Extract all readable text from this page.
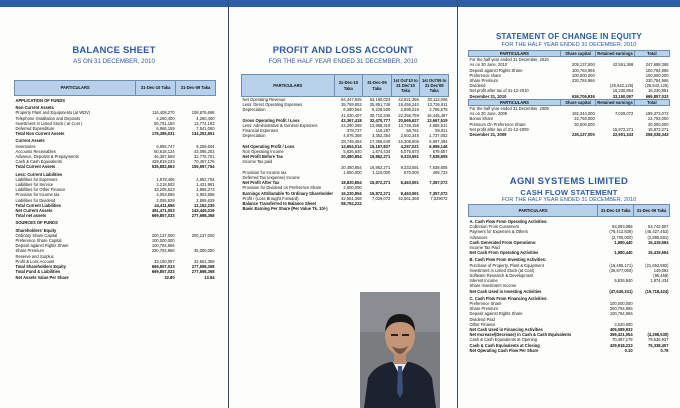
BALANCE SHEET
AS ON 31 DECEMBER, 2010
PARTICULARS	31-Dec-10 Taka	31-Dec-09 Taka
APPLICATION OF FUNDS		
Non Current Assets		
Property Plant and Equipments (at WDV)	116,408,270	108,676,698
Telephone Installation and Deposits	4,260,400	4,260,400
Investment in Listed Stock ( at Cost )	50,751,150	13,774,193
Deferred Expenditure	6,966,159	7,541,060
Total Non Current Assets	178,386,031	134,252,851
Current Assets		
Inventories	6,956,747	9,259,604
Accounts Receivables	50,618,124	43,095,202
Advance, Deposits & Prepayments	46,387,569	32,776,751
Cash & Cash Equivalents	429,819,223	70,457,176
Total Current Assets	535,882,663	155,597,754
Less: Current Liabilities		
Liabilities for Expenses	1,878,406	2,852,754
Liabilities for Service	3,218,502	1,421,981
Liabilities for Other Finance	33,205,523	2,888,273
Provision for Income tax	4,053,596	2,903,598
Liabilities for Dividend	2,055,629	2,855,629
Total Current Liabilities	44,411,656	12,152,235
Net Current Assets	491,471,003	143,445,019
Total net assets	669,857,033	277,698,368
SOURCES OF FUNDS		
Shareholders' Equity		
Ordinary Share Capital	200,137,000	200,137,000
Preference Share Capital	100,000,000	
Deposit against Rights Share	100,784,966	
Share Premium	230,784,966	35,000,000
Reserve and Surplus		
Profit & Loss Account	33,150,097	42,561,368
Total Shareholders Equity	669,857,033	277,698,368
Total Fund & Liabilities	669,857,033	277,698,368
Net Assets Value Per Share	32.80	13.84
PROFIT AND LOSS ACCOUNT
FOR THE HALF YEAR ENDED 31 DECEMBER, 2010
PARTICULARS	31-Dec-10 Taka	31-Dec-09 Taka	1st Oct'10 to 31 Dec'10 Taka	1st Oct'09 to 31 Dec'09 Taka
Net Operating Revenue	84,447,825	63,180,023	42,921,386	30,113,006
Less: Direct Operating Expenses	35,769,853	25,851,748	18,456,240	13,736,911
Depreciation	6,380,564	5,228,500	2,895,019	2,706,578
	41,030,407	30,710,346	22,356,759	16,445,487
Gross Operating Profit / Loss	43,367,418	32,470,777	20,565,627	13,667,519
Less: Administrative & General Expenses	24,290,368	13,868,319	13,749,158	4,885,541
Financial Expenses	378,727	116,287	58,761	59,811
Depreciation	4,076,368	3,352,354	2,502,345	1,737,052
	28,745,464	17,366,640	16,308,606	6,697,484
Net Operating Profit / Loss	14,654,014	15,157,837	4,257,021	6,959,146
Non Operating Income	5,826,840	1,874,434	5,076,870	678,657
Net Profit Before Tax	20,480,854	16,862,271	9,333,591	7,638,805
Income Tax paid				
	20,480,854	16,862,271	9,333,591	7,638,805
Provision for Income tax	1,650,000	1,110,000	870,000	469,733
Deferred Tax (expense) Income				
Net Profit After Tax	18,830,854	15,872,271	8,463,591	7,357,072
Provision for Dividend on Preference Share	2,600,000			
Earnings Attributable To Ordinary Shareholder	16,230,854	15,872,271	8,463,591	7,357,072
Profit / (Loss Brought Forward)	42,561,368	7,029,072	42,561,368	7,029072
Balance Transferred to Balance Sheet	58,792,222			
Basic Earning Per Share (Per Value Tk. 10/-)				
STATEMENT OF CHANGE IN EQUITY
FOR THE HALF YEAR ENDED 31 DECEMBER, 2010
PARTICULARS	Share capital	Retained earnings	Total
For the half year ended 31 December, 2010			
As on 30 June, 2010	205,137,000	42,561,368	247,698,368
Deposit against Rights Share	100,784,966		100,784,966
Preference share	100,000,000		100,000,000
Share Premium	230,784,966		230,784,966
Dividend		(25,642,125)	(25,642,125)
Net profit after tax of 31-12-2010		16,230,854	16,230,854
December 31, 2010	636,706,936	33,150,097	669,857,033
PARTICULARS	Share capital	Retained earnings	Total
For the half year ended 31 December, 2009			
As on 30 June, 2009	182,344,000	7,029,072	189,373,072
Bonus Share	22,793,000		22,793,000
Premium On Preference Share	30,000,000		30,000,000
Net profit after tax of 31-12-2009		15,872,271	15,872,271
December 31, 2009	235,137,000	22,901,343	258,038,343
AGNI SYSTEMS LIMITED
CASH FLOW STATEMENT
FOR THE HALF YEAR ENDED 31 DECEMBER, 2010
PARTICULARS	31-Dec-10 Taka	31-Dec-09 Taka
A. Cash Flow From Operating Activities:		
Collection From Customers	83,093,086	63,742,807
Payment for Expenses & Others	(79,412,839)	(45,427,452)
Advances	(2,700,000)	(2,895,581)
Cash Generated From Operations:	1,980,440	15,419,594
Income Tax Paid		
Net Cash From Operating Activities	1,980,440	15,419,594
B. Cash Flow From Investing Activities:		
Purchase of Property, Plant & Equipment	(16,495,171)	(21,652,982)
Investment in Listed Stock (at Cost)	(36,977,000)	149,092
Software Research & Development		(95,458)
Interest Income	5,826,840	1,874,434
Share Investment Income		
Net Cash Used in Investing Activities	(47,645,331)	(19,718,424)
C. Cash Flow From Financing Activities:		
Preference Share	100,000,000	
Share Premium	200,784,966	
Deposit against Rights Share	100,784,966	
Dividend Paid		
Other Finance	3,520,000	
Net Cash Used in Financing Activities	405,089,932	
Net Increase/(Decrease) in Cash & Cash Equivalents	359,421,054	(4,298,530)
Cash & Cash Equivalents at Opening	70,497,179	79,636,937
Cash & Cash Equivalents at Closing	429,918,233	75,338,407
Net Operating Cash Flow Per Share	0.10	0.76
